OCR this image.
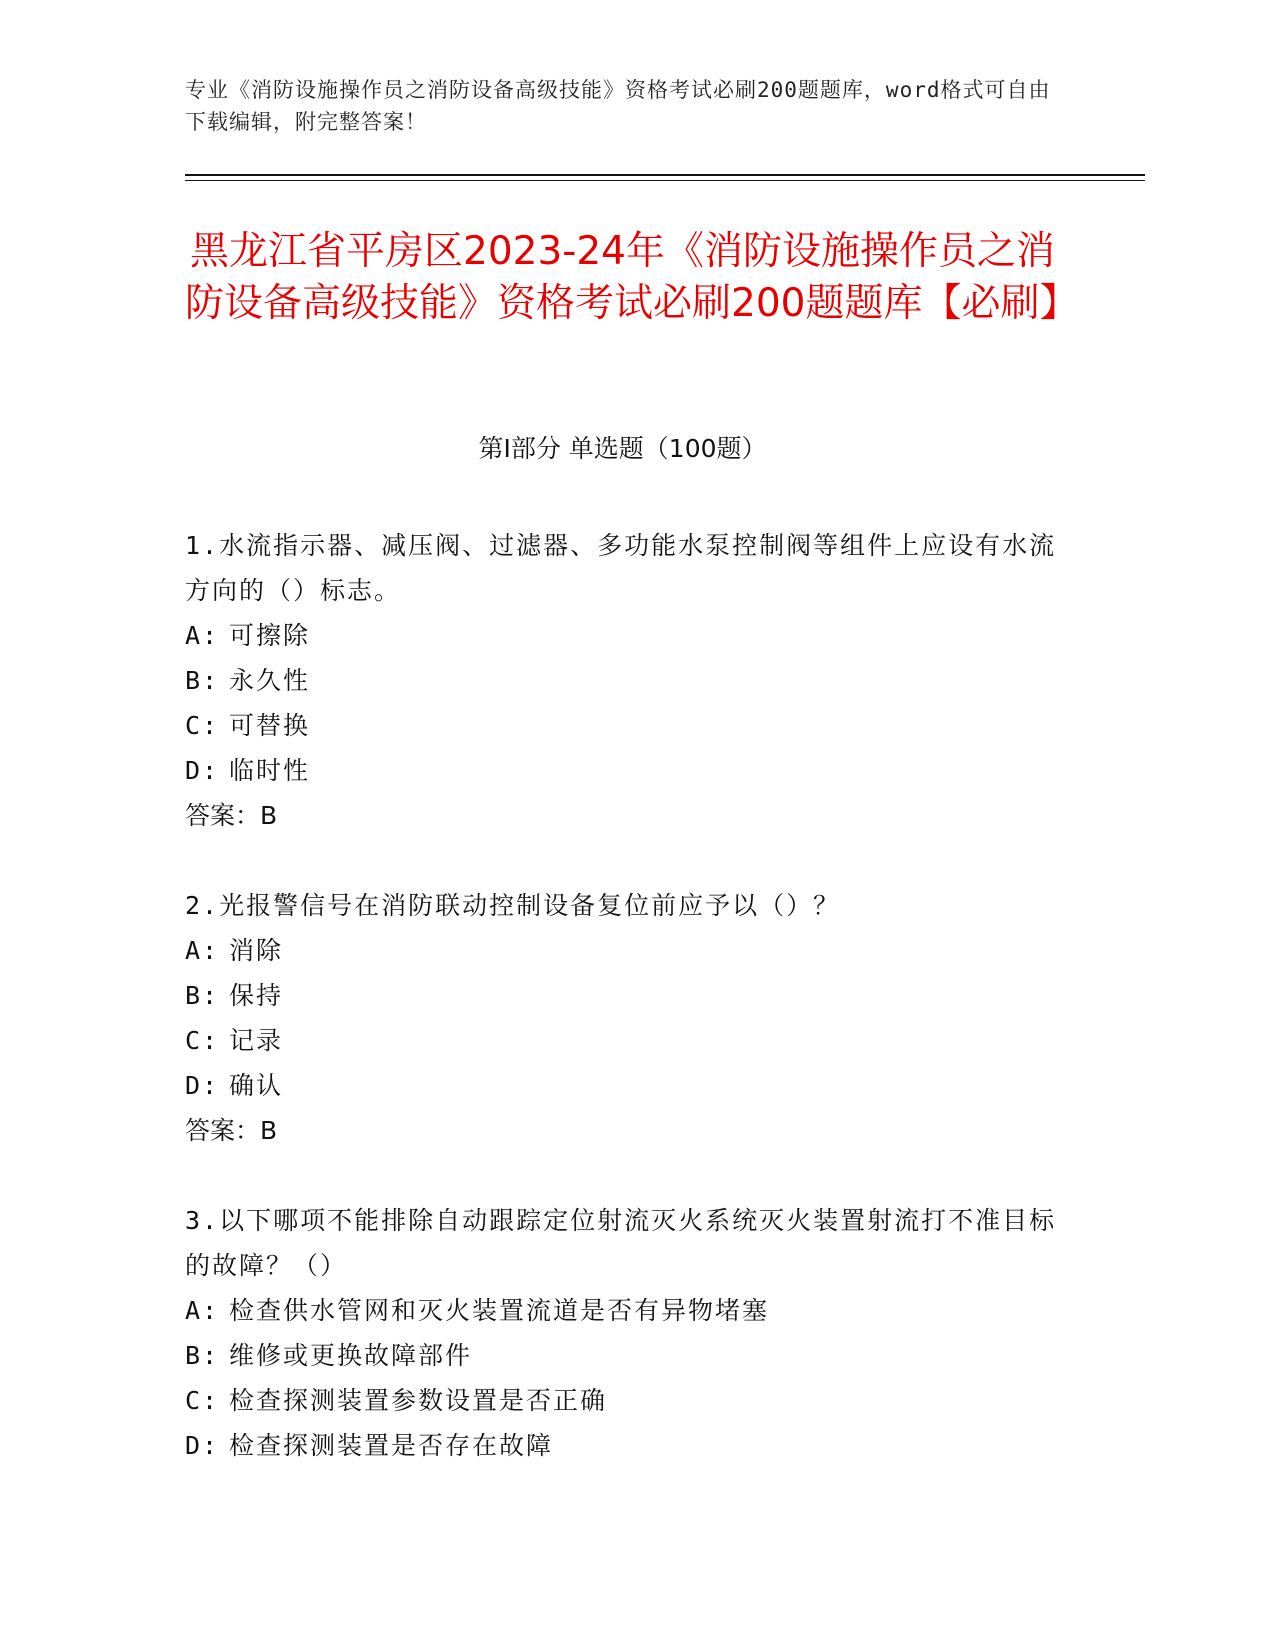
专业《消防设施操作员之消防设备高级技能》资格考试必刷200题题库，word格式可自由下载编辑，附完整答案！
黑龙江省平房区2023-24年《消防设施操作员之消防设备高级技能》资格考试必刷200题题库【必刷】
第Ⅰ部分 单选题（100题）
1.水流指示器、减压阀、过滤器、多功能水泵控制阀等组件上应设有水流方向的（）标志。
A: 可擦除
B: 永久性
C: 可替换
D: 临时性
答案：B
2.光报警信号在消防联动控制设备复位前应予以（）？
A: 消除
B: 保持
C: 记录
D: 确认
答案：B
3.以下哪项不能排除自动跟踪定位射流灭火系统灭火装置射流打不准目标的故障？（）
A: 检查供水管网和灭火装置流道是否有异物堵塞
B: 维修或更换故障部件
C: 检查探测装置参数设置是否正确
D: 检查探测装置是否存在故障
